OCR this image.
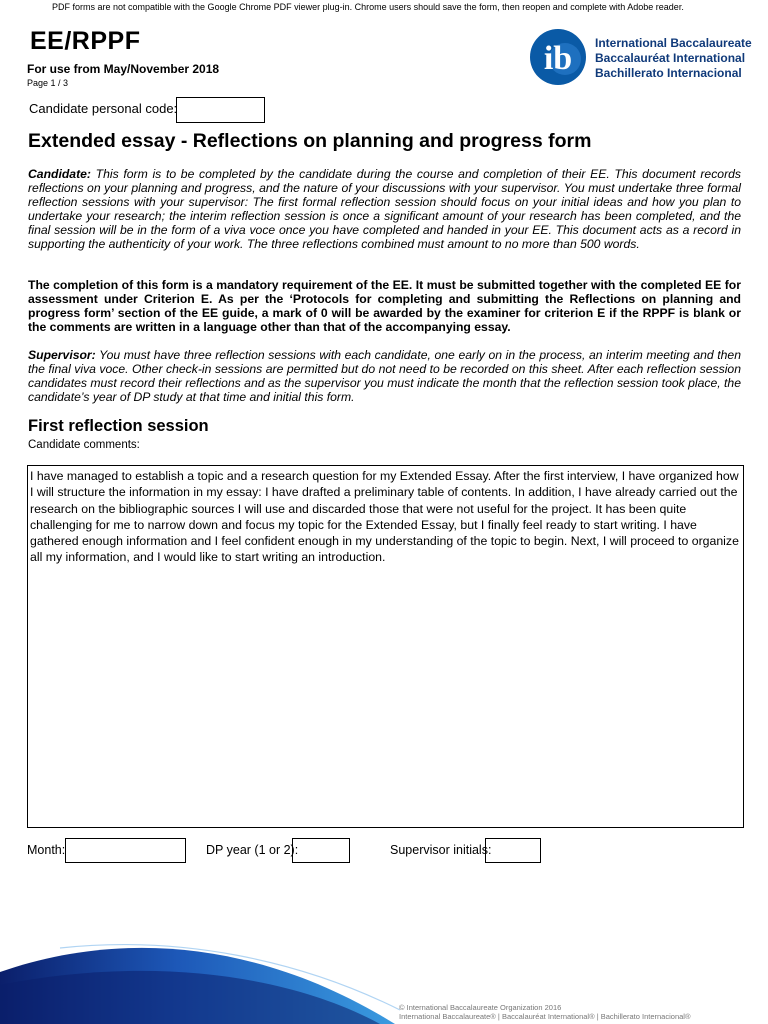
PDF forms are not compatible with the Google Chrome PDF viewer plug-in. Chrome users should save the form, then reopen and complete with Adobe reader.
EE/RPPF
For use from May/November 2018
Page 1 / 3
ib International Baccalaureate
Baccalauréat International
Bachillerato Internacional
Candidate personal code:
Extended essay - Reflections on planning and progress form
Candidate: This form is to be completed by the candidate during the course and completion of their EE. This document records reflections on your planning and progress, and the nature of your discussions with your supervisor. You must undertake three formal reflection sessions with your supervisor: The first formal reflection session should focus on your initial ideas and how you plan to undertake your research; the interim reflection session is once a significant amount of your research has been completed, and the final session will be in the form of a viva voce once you have completed and handed in your EE. This document acts as a record in supporting the authenticity of your work. The three reflections combined must amount to no more than 500 words.
The completion of this form is a mandatory requirement of the EE. It must be submitted together with the completed EE for assessment under Criterion E. As per the ‘Protocols for completing and submitting the Reflections on planning and progress form’ section of the EE guide, a mark of 0 will be awarded by the examiner for criterion E if the RPPF is blank or the comments are written in a language other than that of the accompanying essay.
Supervisor: You must have three reflection sessions with each candidate, one early on in the process, an interim meeting and then the final viva voce. Other check-in sessions are permitted but do not need to be recorded on this sheet. After each reflection session candidates must record their reflections and as the supervisor you must indicate the month that the reflection session took place, the candidate’s year of DP study at that time and initial this form.
First reflection session
Candidate comments:
I have managed to establish a topic and a research question for my Extended Essay. After the first interview, I have organized how I will structure the information in my essay: I have drafted a preliminary table of contents. In addition, I have already carried out the research on the bibliographic sources I will use and discarded those that were not useful for the project. It has been quite challenging for me to narrow down and focus my topic for the Extended Essay, but I finally feel ready to start writing. I have gathered enough information and I feel confident enough in my understanding of the topic to begin. Next, I will proceed to organize all my information, and I would like to start writing an introduction.
Month:	DP year (1 or 2):	Supervisor initials:
© International Baccalaureate Organization 2016
International Baccalaureate® | Baccalauréat International® | Bachillerato Internacional®
